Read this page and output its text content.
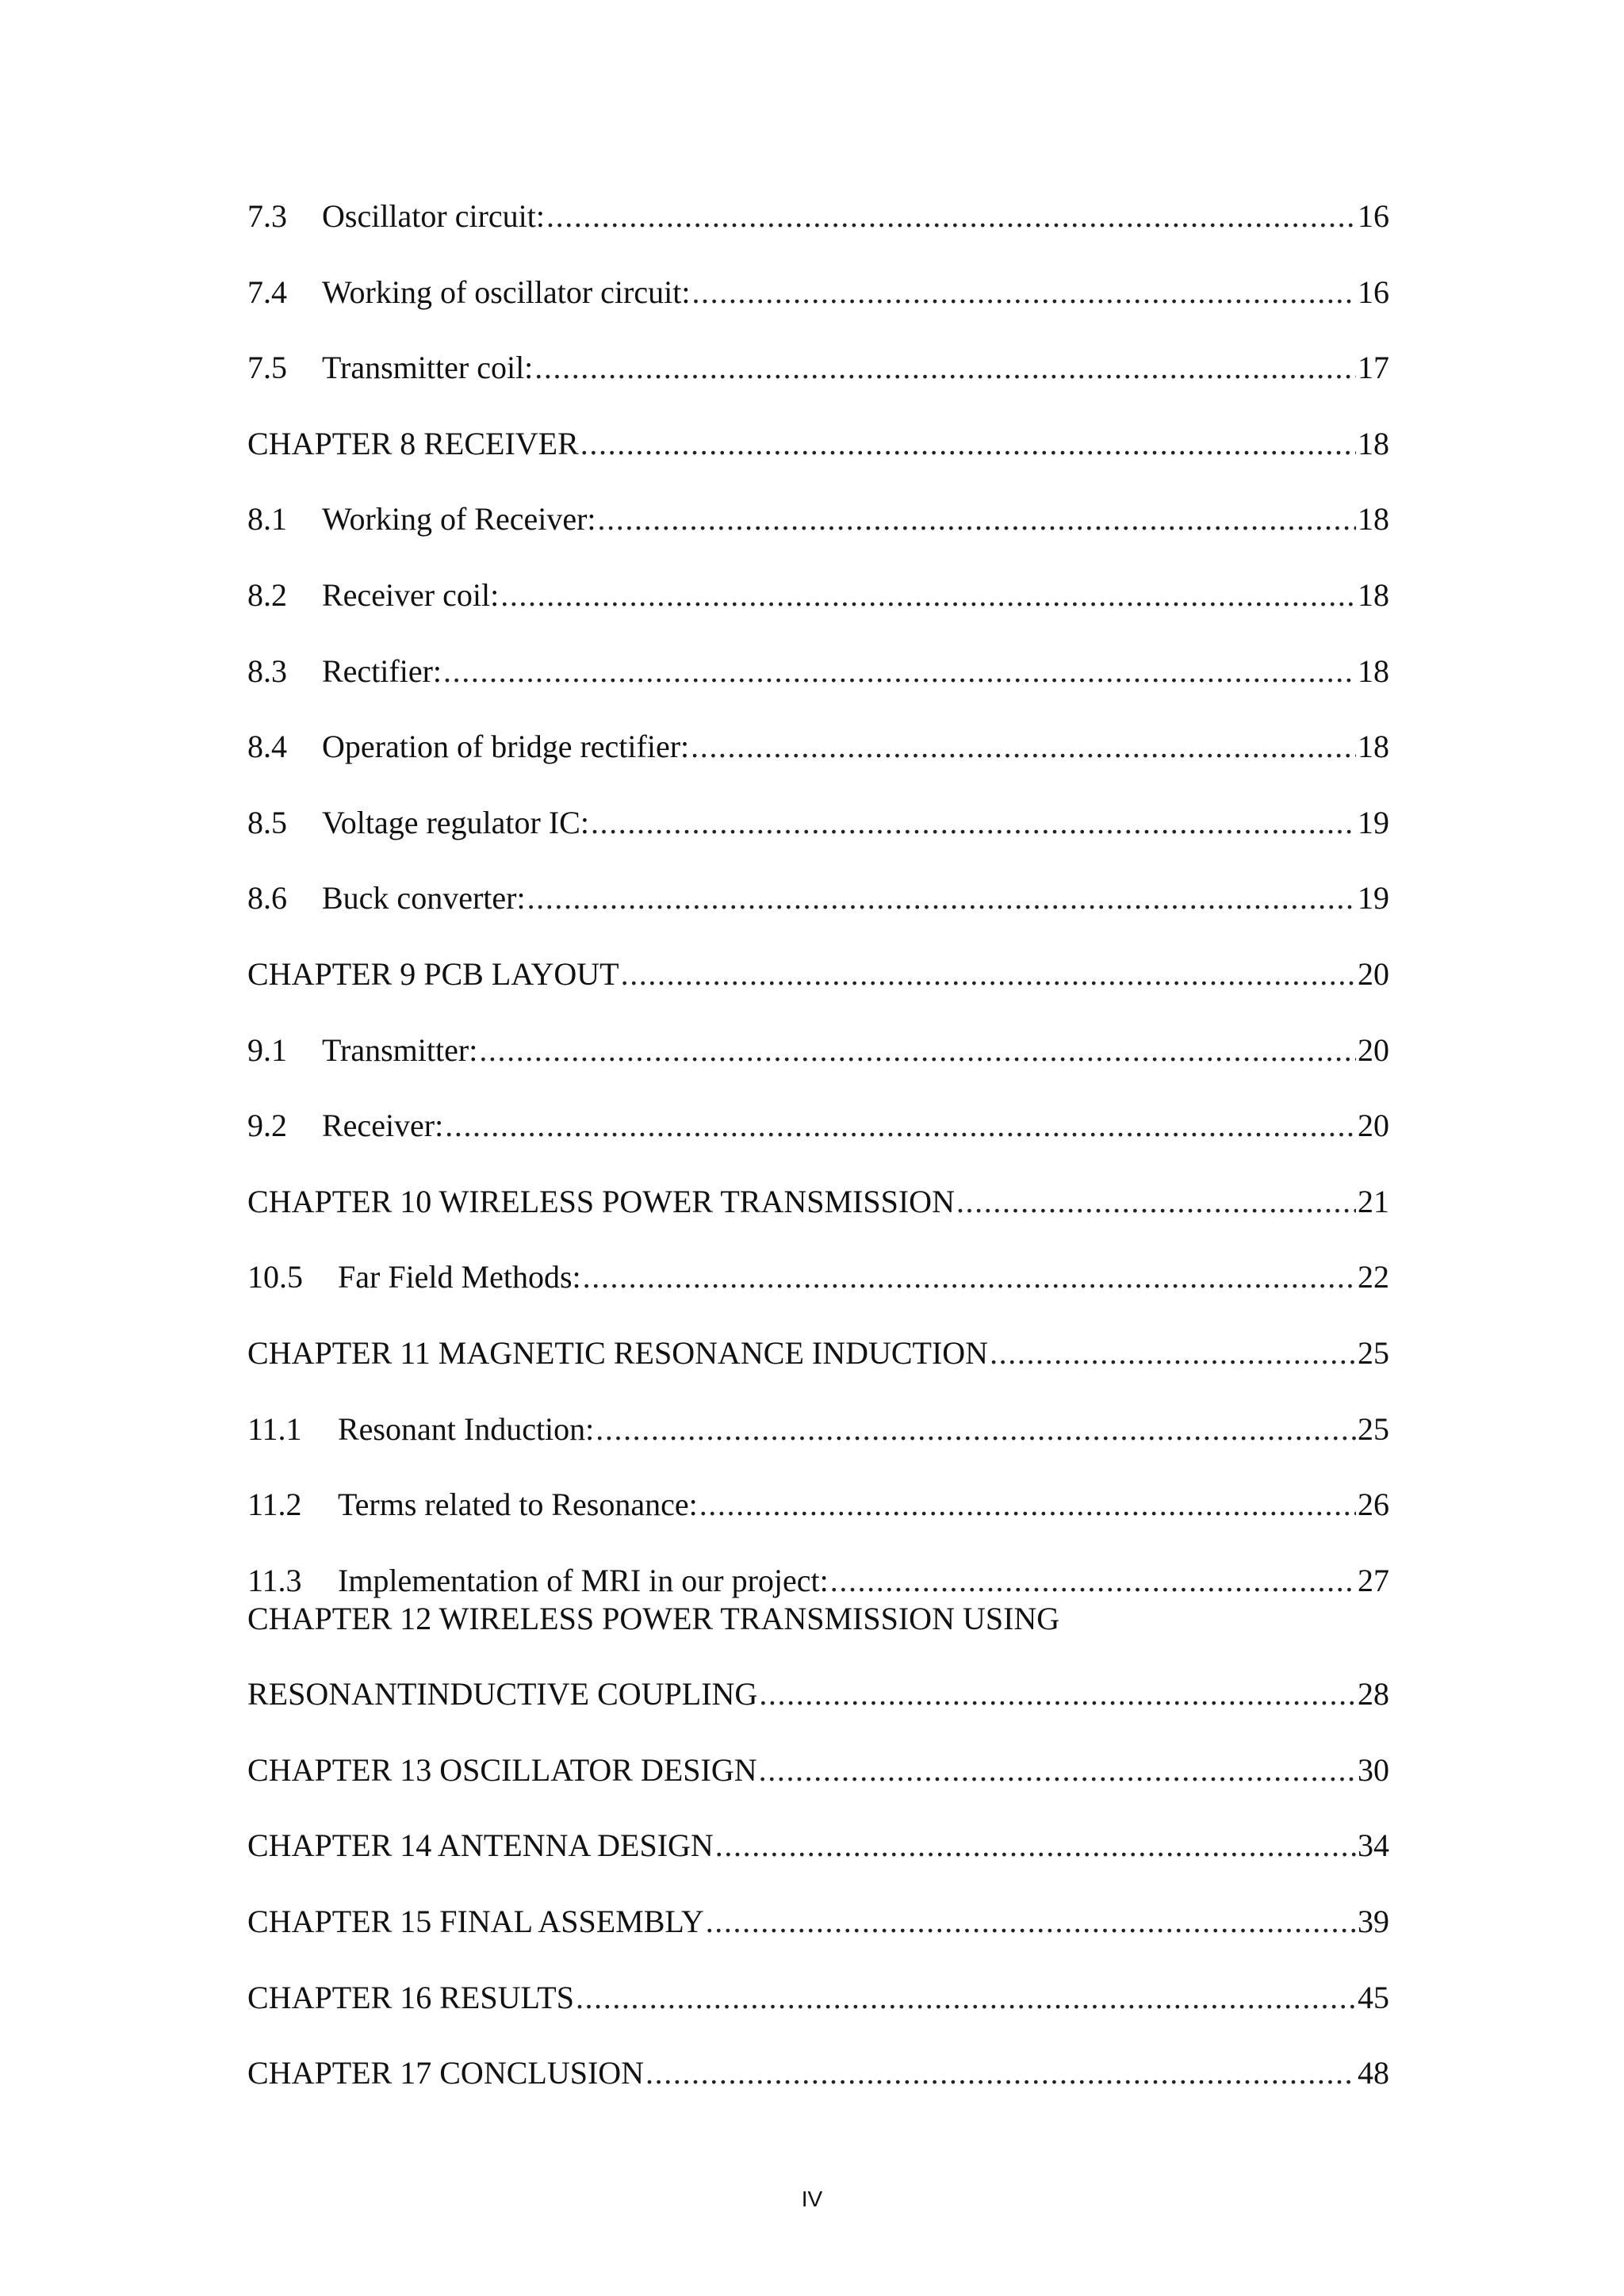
7.3	Oscillator circuit: .....	16
7.4	Working of oscillator circuit: .....	16
7.5	Transmitter coil: .....	17
CHAPTER 8 RECEIVER .....	18
8.1	Working of Receiver: .....	18
8.2	Receiver coil: .....	18
8.3	Rectifier: .....	18
8.4	Operation of bridge rectifier: .....	18
8.5	Voltage regulator IC: .....	19
8.6	Buck converter: .....	19
CHAPTER 9 PCB LAYOUT .....	20
9.1	Transmitter: .....	20
9.2	Receiver: .....	20
CHAPTER 10 WIRELESS POWER TRANSMISSION .....	21
10.5	Far Field Methods: .....	22
CHAPTER 11 MAGNETIC RESONANCE INDUCTION .....	25
11.1	Resonant Induction: .....	25
11.2	Terms related to Resonance: .....	26
11.3	Implementation of MRI in our project: .....	27
CHAPTER 12 WIRELESS POWER TRANSMISSION USING
RESONANTINDUCTIVE COUPLING .....	28
CHAPTER 13 OSCILLATOR DESIGN .....	30
CHAPTER 14 ANTENNA DESIGN .....	34
CHAPTER 15 FINAL ASSEMBLY .....	39
CHAPTER 16 RESULTS .....	45
CHAPTER 17 CONCLUSION .....	48
IV
